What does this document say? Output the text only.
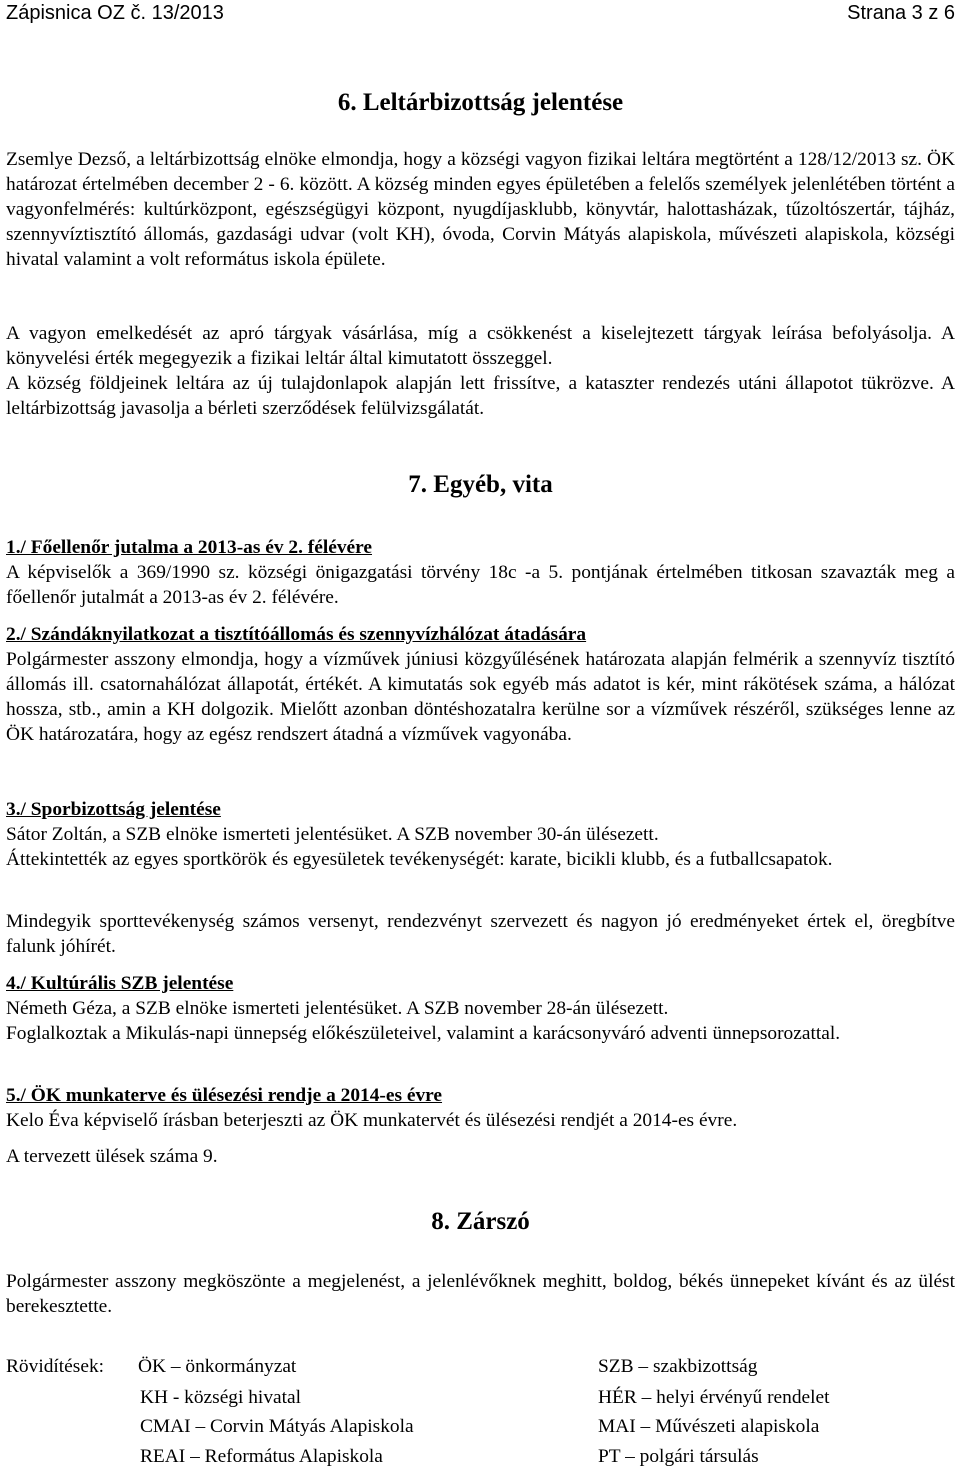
Zápisnica OZ č. 13/2013	Strana 3 z 6

6. Leltárbizottság jelentése

Zsemlye Dezső, a leltárbizottság elnöke elmondja, hogy a községi vagyon fizikai leltára megtörtént a 128/12/2013 sz. ÖK határozat értelmében december 2 - 6. között. A község minden egyes épületében a felelős személyek jelenlétében történt a vagyonfelmérés: kultúrközpont, egészségügyi központ, nyugdíjasklubb, könyvtár, halottasházak, tűzoltószertár, tájház, szennyvíztisztító állomás, gazdasági udvar (volt KH), óvoda, Corvin Mátyás alapiskola, művészeti alapiskola, községi hivatal valamint a volt református iskola épülete.

A vagyon emelkedését az apró tárgyak vásárlása, míg a csökkenést a kiselejtezett tárgyak leírása befolyásolja. A könyvelési érték megegyezik a fizikai leltár által kimutatott összeggel.

A község földjeinek leltára az új tulajdonlapok alapján lett frissítve, a kataszter rendezés utáni állapotot tükrözve. A leltárbizottság javasolja a bérleti szerződések felülvizsgálatát.

7. Egyéb, vita

1./ Főellenőr jutalma a 2013-as év 2. félévére

A képviselők a 369/1990 sz. községi önigazgatási törvény 18c -a 5. pontjának értelmében titkosan szavazták meg a főellenőr jutalmát a 2013-as év 2. félévére.

2./ Szándáknyilatkozat a tisztítóállomás és szennyvízhálózat átadására

Polgármester asszony elmondja, hogy a vízművek júniusi közgyűlésének határozata alapján felmérik a szennyvíz tisztító állomás ill. csatornahálózat állapotát, értékét. A kimutatás sok egyéb más adatot is kér, mint rákötések száma, a hálózat hossza, stb., amin a KH dolgozik. Mielőtt azonban döntéshozatalra kerülne sor a vízművek részéről, szükséges lenne az ÖK határozatára, hogy az egész rendszert átadná a vízművek vagyonába.

3./ Sporbizottság jelentése

Sátor Zoltán, a SZB elnöke ismerteti jelentésüket. A SZB november 30-án ülésezett.

Áttekintették az egyes sportkörök és egyesületek tevékenységét: karate, bicikli klubb, és a futballcsapatok.

Mindegyik sporttevékenység számos versenyt, rendezvényt szervezett és nagyon jó eredményeket értek el, öregbítve falunk jóhírét.

4./ Kultúrális SZB jelentése

Németh Géza, a SZB elnöke ismerteti jelentésüket. A SZB november 28-án ülésezett.

Foglalkoztak a Mikulás-napi ünnepség előkészületeivel, valamint a karácsonyváró adventi ünnepsorozattal.

5./ ÖK munkaterve és ülésezési rendje a 2014-es évre

Kelo Éva képviselő írásban beterjeszti az ÖK munkatervét és ülésezési rendjét a 2014-es évre.

A tervezett ülések száma 9.

8. Zárszó

Polgármester asszony megköszönte a megjelenést, a jelenlévőknek meghitt, boldog, békés ünnepeket kívánt és az ülést berekesztette.

Rövidítések: ÖK – önkormányzat
KH - községi hivatal
CMAI – Corvin Mátyás Alapiskola
REAI – Református Alapiskola
SZB – szakbizottság
HÉR – helyi érvényű rendelet
MAI – Művészeti alapiskola
PT – polgári társulás
